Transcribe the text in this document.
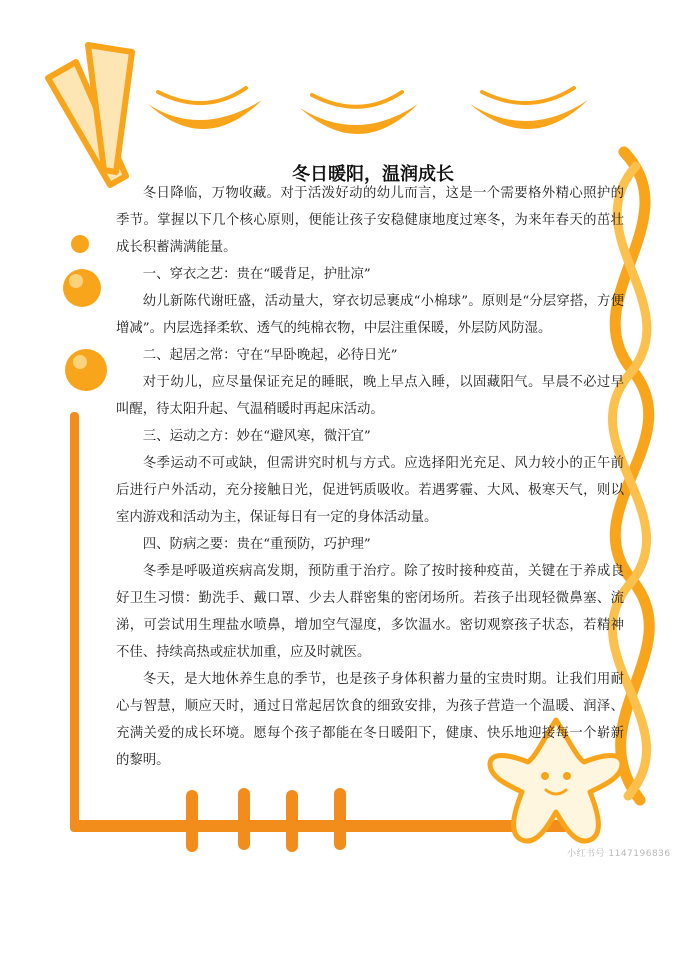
冬日暖阳，温润成长

冬日降临，万物收藏。对于活泼好动的幼儿而言，这是一个需要格外精心照护的季节。掌握以下几个核心原则，便能让孩子安稳健康地度过寒冬，为来年春天的茁壮成长积蓄满满能量。

一、穿衣之艺：贵在“暖背足，护肚凉”

幼儿新陈代谢旺盛，活动量大，穿衣切忌裹成“小棉球”。原则是“分层穿搭，方便增减”。内层选择柔软、透气的纯棉衣物，中层注重保暖，外层防风防湿。

二、起居之常：守在“早卧晚起，必待日光”

对于幼儿，应尽量保证充足的睡眠，晚上早点入睡，以固藏阳气。早晨不必过早叫醒，待太阳升起、气温稍暖时再起床活动。

三、运动之方：妙在“避风寒，微汗宜”

冬季运动不可或缺，但需讲究时机与方式。应选择阳光充足、风力较小的正午前后进行户外活动，充分接触日光，促进钙质吸收。若遇雾霾、大风、极寒天气，则以室内游戏和活动为主，保证每日有一定的身体活动量。

四、防病之要：贵在“重预防，巧护理”

冬季是呼吸道疾病高发期，预防重于治疗。除了按时接种疫苗，关键在于养成良好卫生习惯：勤洗手、戴口罩、少去人群密集的密闭场所。若孩子出现轻微鼻塞、流涕，可尝试用生理盐水喷鼻，增加空气湿度，多饮温水。密切观察孩子状态，若精神不佳、持续高热或症状加重，应及时就医。

冬天，是大地休养生息的季节，也是孩子身体积蓄力量的宝贵时期。让我们用耐心与智慧，顺应天时，通过日常起居饮食的细致安排，为孩子营造一个温暖、润泽、充满关爱的成长环境。愿每个孩子都能在冬日暖阳下，健康、快乐地迎接每一个崭新的黎明。

小红书号 1147196836
